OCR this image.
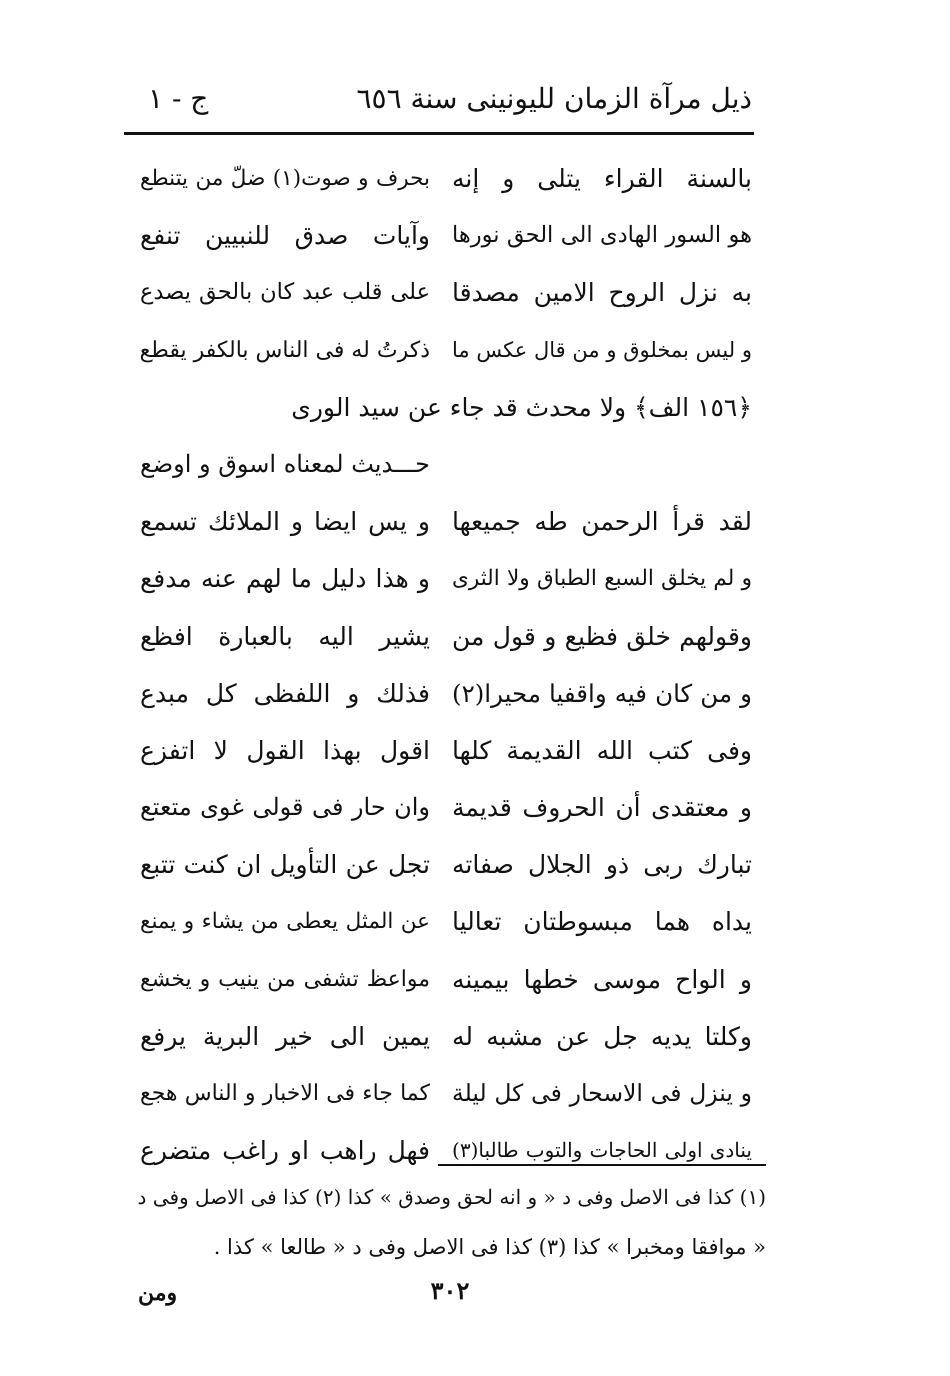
ذيل مرآة الزمان لليونينى سنة ٦٥٦
ج - ١
بالسنة القراء يتلى و إنه
بحرف و صوت(١) ضلّ من يتنطع
هو السور الهادى الى الحق نورها
وآيات صدق للنبيين تنفع
به نزل الروح الامين مصدقا
على قلب عبد كان بالحق يصدع
و ليس بمخلوق و من قال عكس ما
ذكرتُ له فى الناس بالكفر يقطع
﴿١٥٦ الف﴾ ولا محدث قد جاء عن سيد الورى
حـــديث لمعناه اسوق و اوضع
لقد قرأ الرحمن طه جميعها
و يس ايضا و الملائك تسمع
و لم يخلق السبع الطباق ولا الثرى
و هذا دليل ما لهم عنه مدفع
وقولهم خلق فظيع و قول من
يشير اليه بالعبارة افظع
و من كان فيه واقفيا محيرا(٢)
فذلك و اللفظى كل مبدع
وفى كتب الله القديمة كلها
اقول بهذا القول لا اتفزع
و معتقدى أن الحروف قديمة
وان حار فى قولى غوى متعتع
تبارك ربى ذو الجلال صفاته
تجل عن التأويل ان كنت تتبع
يداه هما مبسوطتان تعاليا
عن المثل يعطى من يشاء و يمنع
و الواح موسى خطها بيمينه
مواعظ تشفى من ينيب و يخشع
وكلتا يديه جل عن مشبه له
يمين الى خير البرية يرفع
و ينزل فى الاسحار فى كل ليلة
كما جاء فى الاخبار و الناس هجع
ينادى اولى الحاجات والتوب طالبا(٣)
فهل راهب او راغب متضرع
(١) كذا فى الاصل وفى د « و انه لحق وصدق » كذا (٢) كذا فى الاصل وفى د
« موافقا ومخبرا » كذا (٣) كذا فى الاصل وفى د « طالعا » كذا .
ومن	٣٠٢
